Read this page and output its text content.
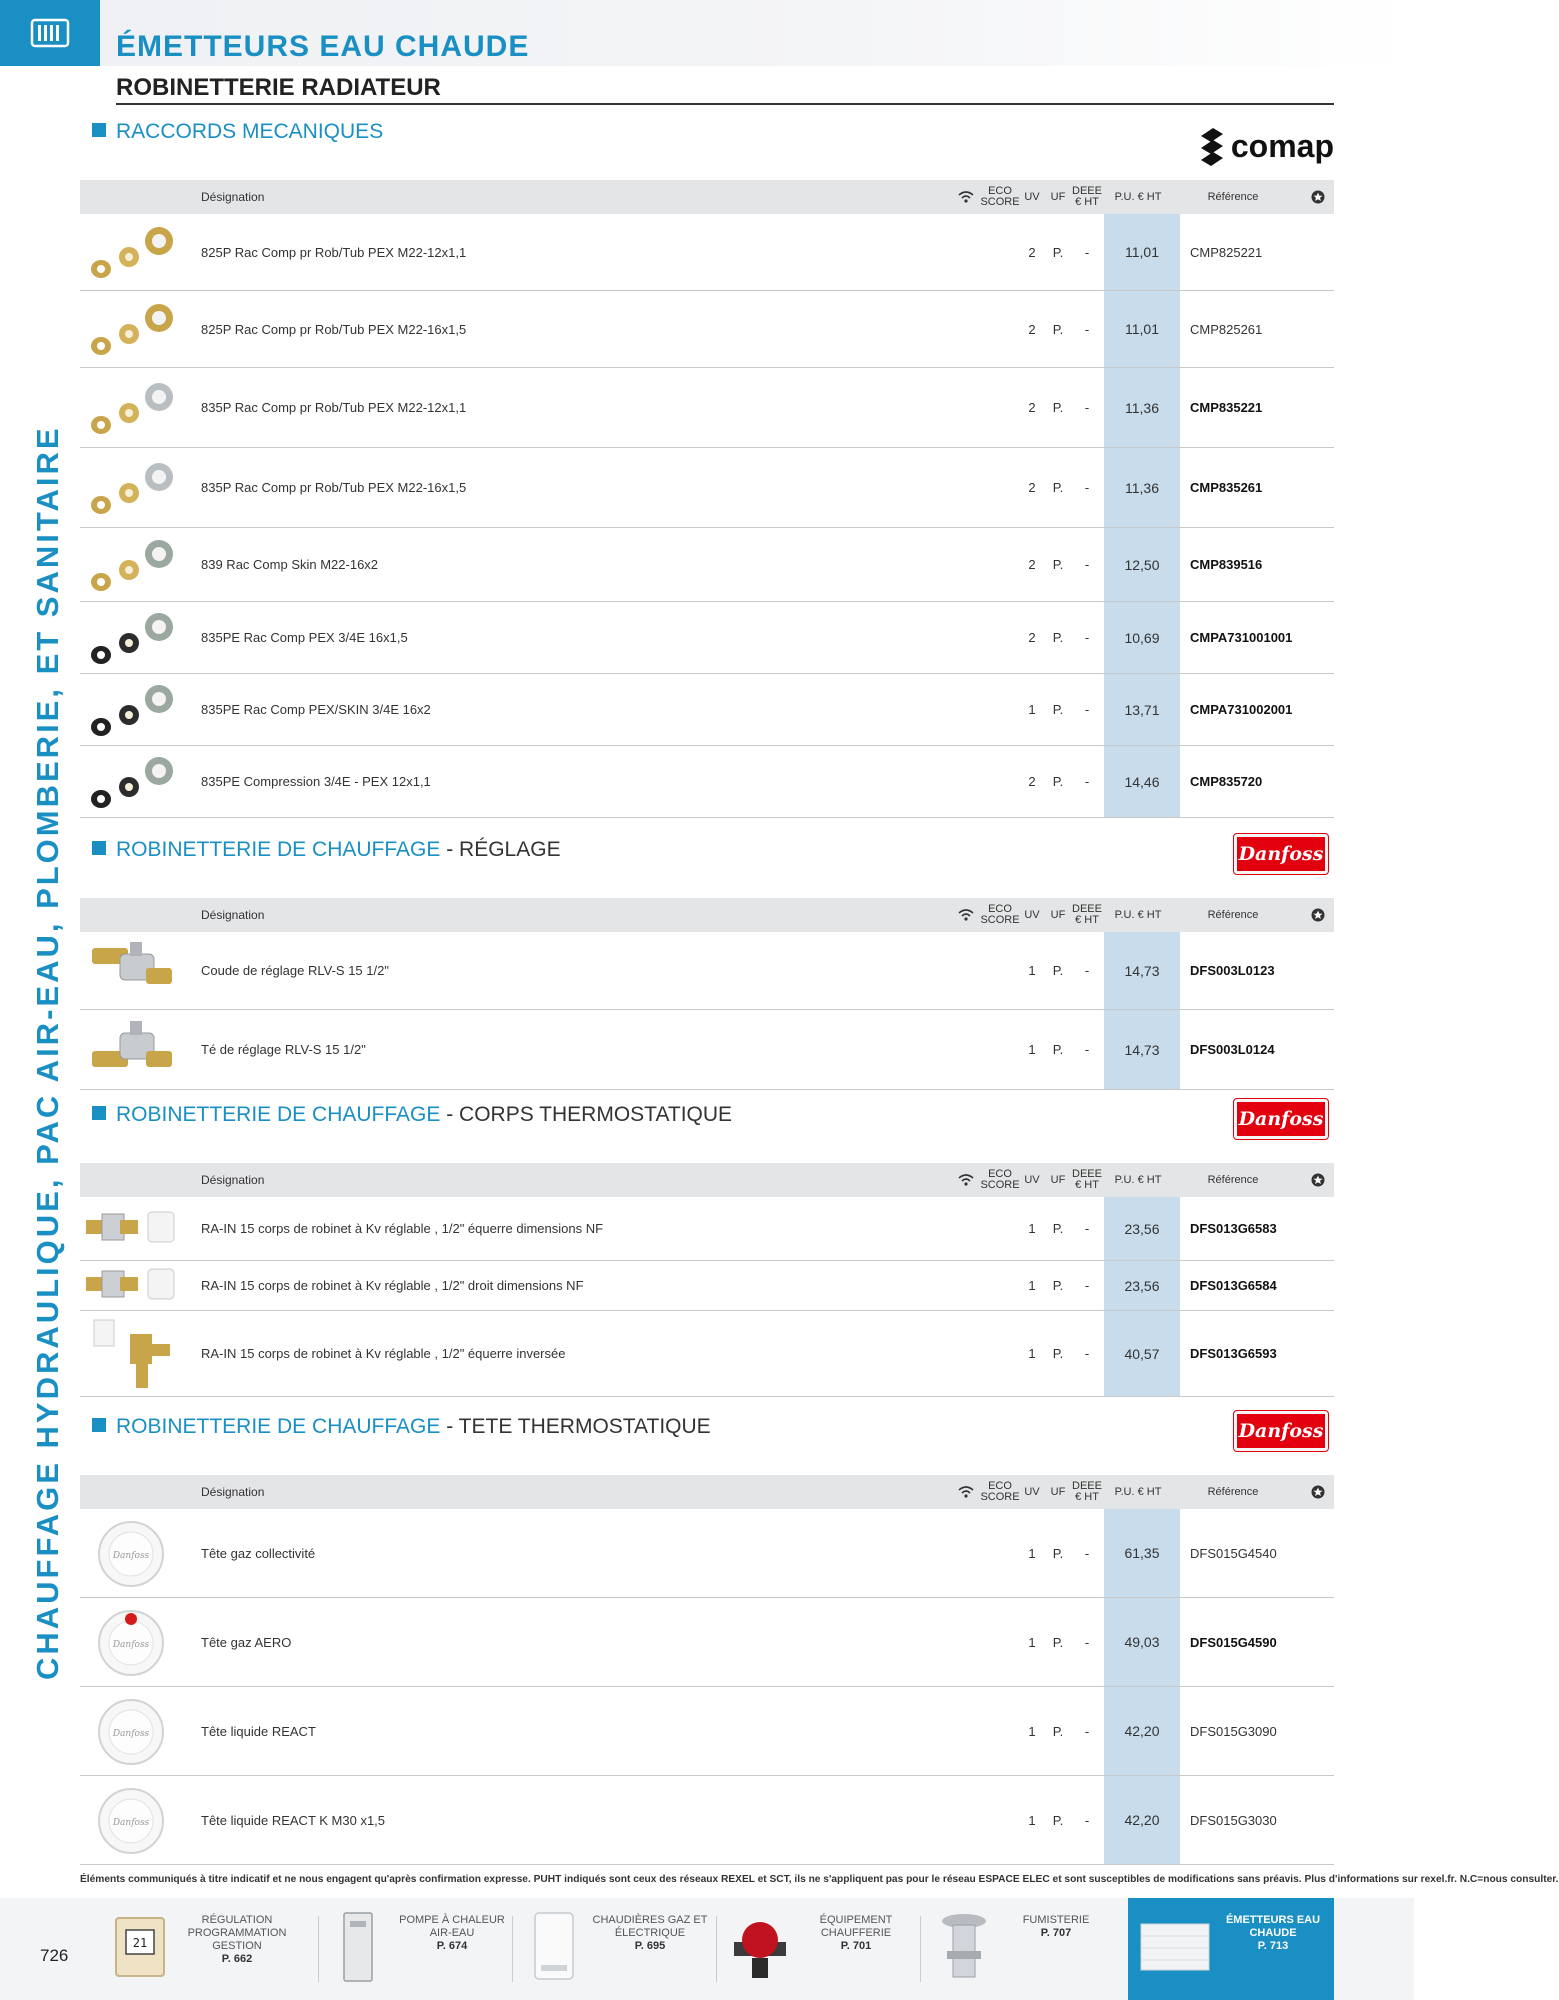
ÉMETTEURS EAU CHAUDE
ROBINETTERIE RADIATEUR
CHAUFFAGE HYDRAULIQUE, PAC AIR-EAU, PLOMBERIE, ET SANITAIRE
RACCORDS MECANIQUES	comap
Désignation	ECO SCORE UV UF DEEE € HT	P.U. € HT	Référence
825P Rac Comp pr Rob/Tub PEX M22-12x1,1	2	P.	-	11,01	CMP825221
825P Rac Comp pr Rob/Tub PEX M22-16x1,5	2	P.	-	11,01	CMP825261
835P Rac Comp pr Rob/Tub PEX M22-12x1,1	2	P.	-	11,36	CMP835221
835P Rac Comp pr Rob/Tub PEX M22-16x1,5	2	P.	-	11,36	CMP835261
839 Rac Comp Skin M22-16x2	2	P.	-	12,50	CMP839516
835PE Rac Comp PEX 3/4E 16x1,5	2	P.	-	10,69	CMPA731001001
835PE Rac Comp PEX/SKIN 3/4E 16x2	1	P.	-	13,71	CMPA731002001
835PE Compression 3/4E - PEX 12x1,1	2	P.	-	14,46	CMP835720
ROBINETTERIE DE CHAUFFAGE - RÉGLAGE	Danfoss
Désignation	ECO SCORE UV UF DEEE € HT	P.U. € HT	Référence
Coude de réglage RLV-S 15 1/2"	1	P.	-	14,73	DFS003L0123
Té de réglage RLV-S 15 1/2"	1	P.	-	14,73	DFS003L0124
ROBINETTERIE DE CHAUFFAGE - CORPS THERMOSTATIQUE	Danfoss
Désignation	ECO SCORE UV UF DEEE € HT	P.U. € HT	Référence
RA-IN 15 corps de robinet à Kv réglable , 1/2" équerre dimensions NF	1	P.	-	23,56	DFS013G6583
RA-IN 15 corps de robinet à Kv réglable , 1/2" droit dimensions NF	1	P.	-	23,56	DFS013G6584
RA-IN 15 corps de robinet à Kv réglable , 1/2" équerre inversée	1	P.	-	40,57	DFS013G6593
ROBINETTERIE DE CHAUFFAGE - TETE THERMOSTATIQUE	Danfoss
Désignation	ECO SCORE UV UF DEEE € HT	P.U. € HT	Référence
Danfoss	Tête gaz collectivité	1	P.	-	61,35	DFS015G4540
Danfoss	Tête gaz AERO	1	P.	-	49,03	DFS015G4590
Danfoss	Tête liquide REACT	1	P.	-	42,20	DFS015G3090
Danfoss	Tête liquide REACT K M30 x1,5	1	P.	-	42,20	DFS015G3030
Éléments communiqués à titre indicatif et ne nous engagent qu'après confirmation expresse. PUHT indiqués sont ceux des réseaux REXEL et SCT, ils ne s'appliquent pas pour le réseau ESPACE ELEC et sont susceptibles de modifications sans préavis. Plus d'informations sur rexel.fr. N.C=nous consulter.
21
RÉGULATION PROGRAMMATION GESTION
P. 662
POMPE À CHALEUR AIR-EAU
P. 674
CHAUDIÈRES GAZ ET ÉLECTRIQUE
P. 695
ÉQUIPEMENT CHAUFFERIE
P. 701
FUMISTERIE
P. 707
ÉMETTEURS EAU CHAUDE
P. 713
726
